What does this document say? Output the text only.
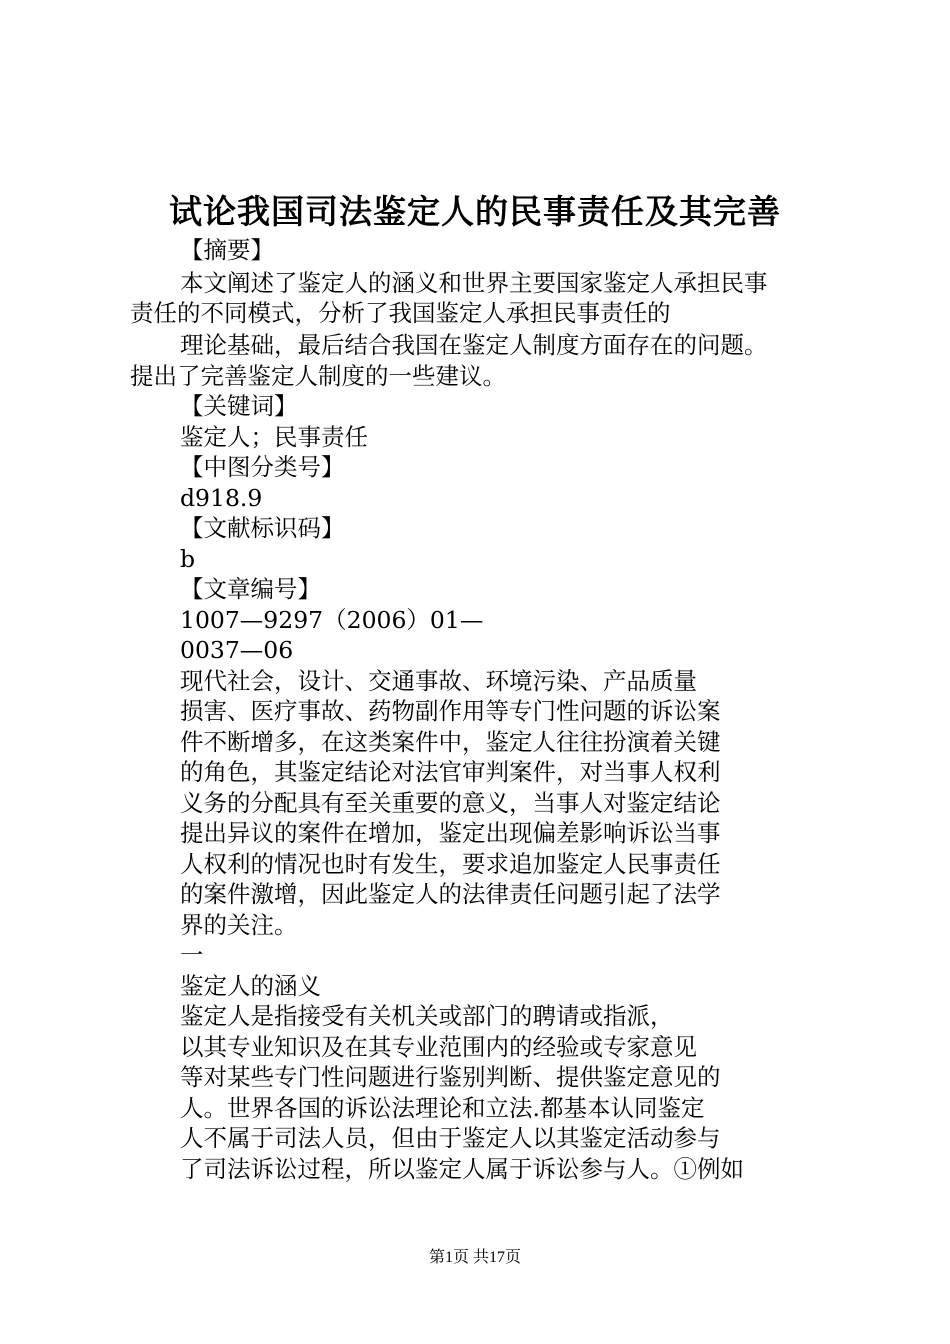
试论我国司法鉴定人的民事责任及其完善
【摘要】
本文阐述了鉴定人的涵义和世界主要国家鉴定人承担民事
责任的不同模式，分析了我国鉴定人承担民事责任的
理论基础，最后结合我国在鉴定人制度方面存在的问题。
提出了完善鉴定人制度的一些建议。
【关键词】
鉴定人；民事责任
【中图分类号】
d918.9
【文献标识码】
b
【文章编号】
1007—9297（2006）01—
0037—06
现代社会，设计、交通事故、环境污染、产品质量
损害、医疗事故、药物副作用等专门性问题的诉讼案
件不断增多，在这类案件中，鉴定人往往扮演着关键
的角色，其鉴定结论对法官审判案件，对当事人权利
义务的分配具有至关重要的意义，当事人对鉴定结论
提出异议的案件在增加，鉴定出现偏差影响诉讼当事
人权利的情况也时有发生，要求追加鉴定人民事责任
的案件激增，因此鉴定人的法律责任问题引起了法学
界的关注。
一
鉴定人的涵义
鉴定人是指接受有关机关或部门的聘请或指派，
以其专业知识及在其专业范围内的经验或专家意见
等对某些专门性问题进行鉴别判断、提供鉴定意见的
人。世界各国的诉讼法理论和立法.都基本认同鉴定
人不属于司法人员，但由于鉴定人以其鉴定活动参与
了司法诉讼过程，所以鉴定人属于诉讼参与人。①例如
第1页 共17页
